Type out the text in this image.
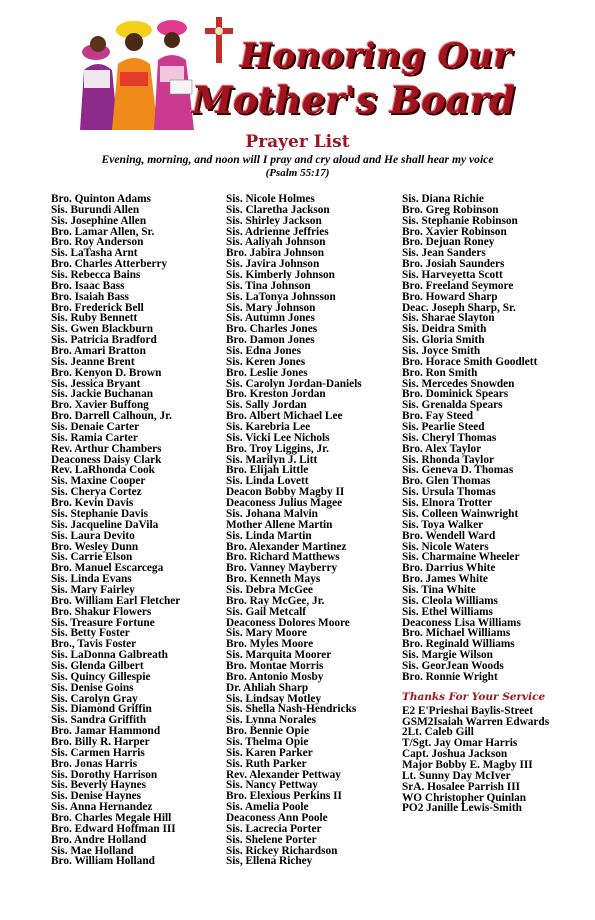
Honoring Our
Mother's Board
Prayer List
Evening, morning, and noon will I pray and cry aloud and He shall hear my voice
(Psalm 55:17)
Bro. Quinton Adams
Sis. Burundi Allen
Sis. Josephine Allen
Bro. Lamar Allen, Sr.
Bro. Roy Anderson
Sis. LaTasha Arnt
Bro. Charles Atterberry
Sis. Rebecca Bains
Bro. Isaac Bass
Bro. Isaiah Bass
Bro. Frederick Bell
Sis. Ruby Bennett
Sis. Gwen Blackburn
Sis. Patricia Bradford
Bro. Amari Bratton
Sis. Jeanne Brent
Bro. Kenyon D. Brown
Sis. Jessica Bryant
Sis. Jackie Buchanan
Bro. Xavier Buffong
Bro. Darrell Calhoun, Jr.
Sis. Denaie Carter
Sis. Ramia Carter
Rev. Arthur Chambers
Deaconess Daisy Clark
Rev. LaRhonda Cook
Sis. Maxine Cooper
Sis. Cherya Cortez
Bro. Kevin Davis
Sis. Stephanie Davis
Sis. Jacqueline DaVila
Sis. Laura Devito
Bro. Wesley Dunn
Sis. Carrie Elson
Bro. Manuel Escarcega
Sis. Linda Evans
Sis. Mary Fairley
Bro. William Earl Fletcher
Bro. Shakur Flowers
Sis. Treasure Fortune
Sis. Betty Foster
Bro., Tavis Foster
Sis. LaDonna Galbreath
Sis. Glenda Gilbert
Sis. Quincy Gillespie
Sis. Denise Goins
Sis. Carolyn Gray
Sis. Diamond Griffin
Sis. Sandra Griffith
Bro. Jamar Hammond
Bro. Billy R. Harper
Sis. Carmen Harris
Bro. Jonas Harris
Sis. Dorothy Harrison
Sis. Beverly Haynes
Sis. Denise Haynes
Sis. Anna Hernandez
Bro. Charles Megale Hill
Bro. Edward Hoffman III
Bro. Andre Holland
Sis. Mae Holland
Bro. William Holland
Sis. Nicole Holmes
Sis. Claretha Jackson
Sis. Shirley Jackson
Sis. Adrienne Jeffries
Sis. Aaliyah Johnson
Bro. Jabira Johnson
Sis. Javira Johnson
Sis. Kimberly Johnson
Sis. Tina Johnson
Sis. LaTonya Johnsson
Sis. Mary Johnson
Sis. Autumn Jones
Bro. Charles Jones
Bro. Damon Jones
Sis. Edna Jones
Sis. Keren Jones
Bro. Leslie Jones
Sis. Carolyn Jordan-Daniels
Bro. Kreston Jordan
Sis. Sally Jordan
Bro. Albert Michael Lee
Sis. Karebria Lee
Sis. Vicki Lee Nichols
Bro. Troy Liggins, Jr.
Sis. Marilyn J. Litt
Bro. Elijah Little
Sis. Linda Lovett
Deacon Bobby Magby II
Deaconess Julius Magee
Sis. Johana Malvin
Mother Allene Martin
Sis. Linda Martin
Bro. Alexander Martinez
Bro. Richard Matthews
Bro. Vanney Mayberry
Bro. Kenneth Mays
Sis. Debra McGee
Bro. Ray McGee, Jr.
Sis. Gail Metcalf
Deaconess Dolores Moore
Sis. Mary Moore
Bro. Myles Moore
Sis. Marquita Moorer
Bro. Montae Morris
Bro. Antonio Mosby
Dr. Ahliah Sharp
Sis. Lindsay Motley
Sis. Shella Nash-Hendricks
Sis. Lynna Norales
Bro. Bennie Opie
Sis. Thelma Opie
Sis. Karen Parker
Sis. Ruth Parker
Rev. Alexander Pettway
Sis. Nancy Pettway
Bro. Elexious Perkins II
Sis. Amelia Poole
Deaconess Ann Poole
Sis. Lacrecia Porter
Sis. Shelene Porter
Sis. Rickey Richardson
Sis, Ellena Richey
Sis. Diana Richie
Bro. Greg Robinson
Sis. Stephanie Robinson
Bro. Xavier Robinson
Bro. Dejuan Roney
Sis. Jean Sanders
Bro. Josiah Saunders
Sis. Harveyetta Scott
Bro. Freeland Seymore
Bro. Howard Sharp
Deac. Joseph Sharp, Sr.
Sis. Sharae Slayton
Sis. Deidra Smith
Sis. Gloria Smith
Sis. Joyce Smith
Bro. Horace Smith Goodlett
Bro. Ron Smith
Sis. Mercedes Snowden
Bro. Dominick Spears
Sis. Grenalda Spears
Bro. Fay Steed
Sis. Pearlie Steed
Sis. Cheryl Thomas
Bro. Alex Taylor
Sis. Rhonda Taylor
Sis. Geneva D. Thomas
Bro. Glen Thomas
Sis. Ursula Thomas
Sis. Elnora Trotter
Sis. Colleen Wainwright
Sis. Toya Walker
Bro. Wendell Ward
Sis. Nicole Waters
Sis. Charmaine Wheeler
Bro. Darrius White
Bro. James White
Sis. Tina White
Sis. Cleola Williams
Sis. Ethel Williams
Deaconess Lisa Williams
Bro. Michael Williams
Bro. Reginald Williams
Sis. Margie Wilson
Sis. GeorJean Woods
Bro. Ronnie Wright
Thanks For Your Service
E2 E'Prieshai Baylis-Street
GSM2Isaiah Warren Edwards
2Lt. Caleb Gill
T/Sgt. Jay Omar Harris
Capt. Joshua Jackson
Major Bobby E. Magby III
Lt. Sunny Day McIver
SrA. Hosalee Parrish III
WO Christopher Quinlan
PO2 Janille Lewis-Smith
